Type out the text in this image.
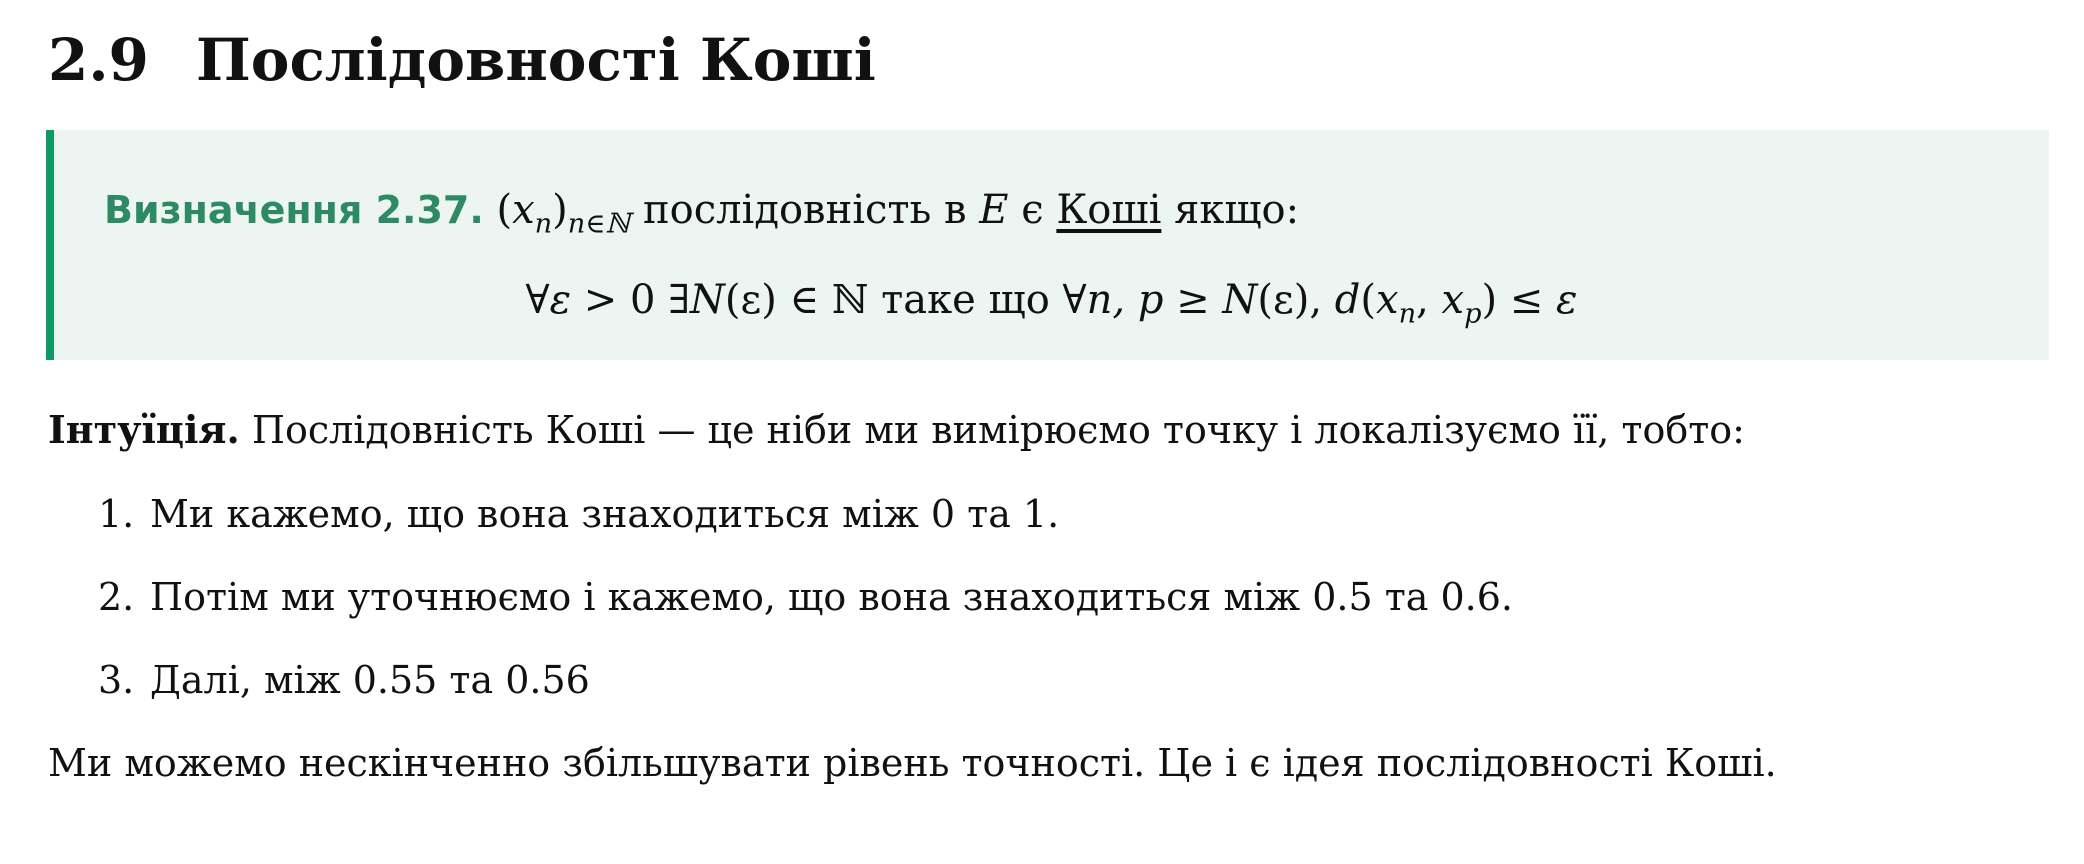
2.9 Послідовності Коші
Визначення 2.37. $(x_n)_{n\in ℕ}$ послідовність в E є Коші якщо:
∀ε > 0 ∃N(ε) ∈ ℕ таке що ∀n, p ≥ N(ε), $d(x_n$, $x_p) \le \varepsilon$

Інтуїція. Послідовність Коші — це ніби ми вимірюємо точку і локалізуємо її, тобто:

1. Ми кажемо, що вона знаходиться між 0 та 1.
2. Потім ми уточнюємо і кажемо, що вона знаходиться між 0.5 та 0.6.
3. Далі, між 0.55 та 0.56

Ми можемо нескінченно збільшувати рівень точності. Це і є ідея послідовності Коші.
